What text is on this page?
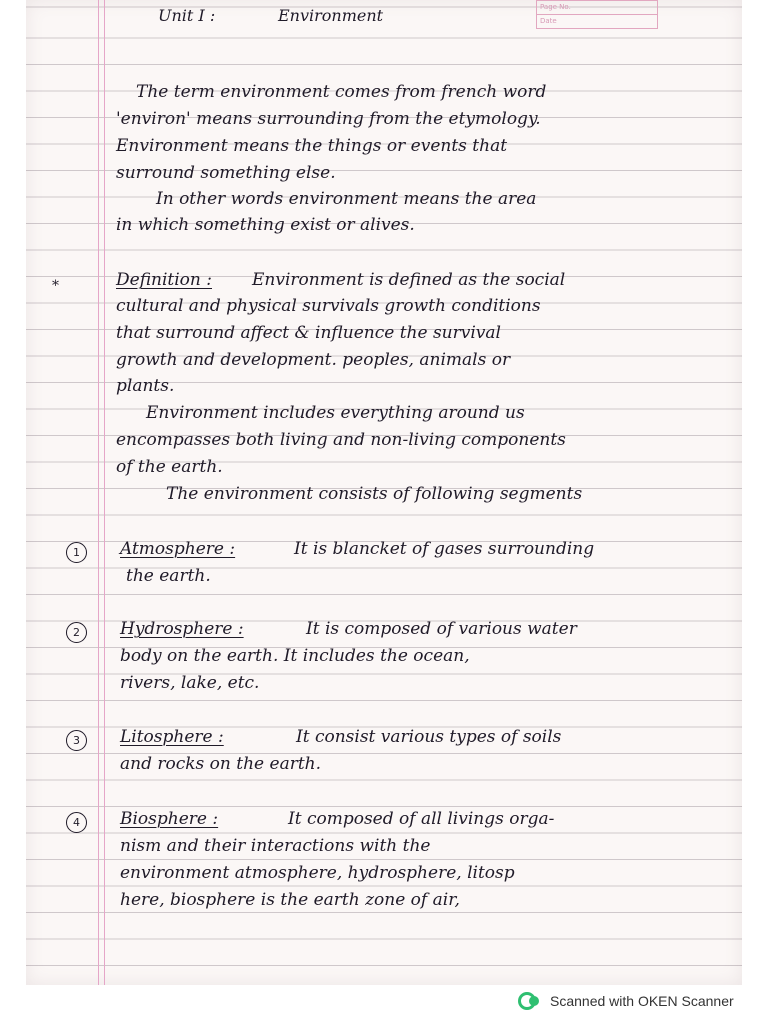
Page No.
Date
Unit I :	Environment
The term environment comes from french word
'environ' means surrounding from the etymology.
Environment means the things or events that
surround something else.
In other words environment means the area
in which something exist or alives.
*	Definition : Environment is defined as the social
cultural and physical survivals growth conditions
that surround affect & influence the survival
growth and development. peoples, animals or
plants.
Environment includes everything around us
encompasses both living and non-living components
of the earth.
The environment consists of following segments
1	Atmosphere :	It is blancket of gases surrounding
the earth.
2	Hydrosphere :	It is composed of various water
body on the earth. It includes the ocean,
rivers, lake, etc.
3	Litosphere :	It consist various types of soils
and rocks on the earth.
4	Biosphere :	It composed of all livings orga-
nism and their interactions with the
environment atmosphere, hydrosphere, litosp
here, biosphere is the earth zone of air,
Scanned with OKEN Scanner
